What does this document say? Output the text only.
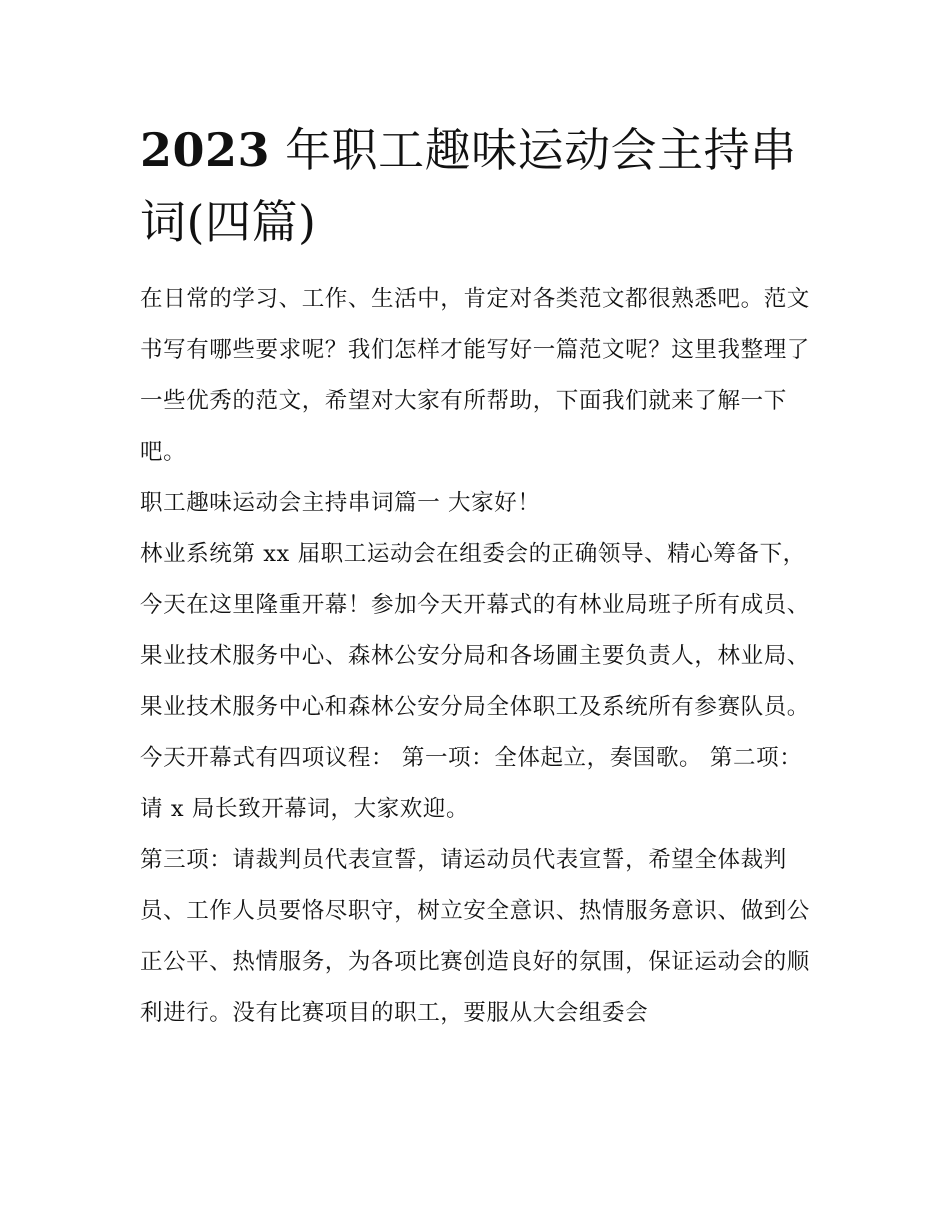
2023 年职工趣味运动会主持串词(四篇)

在日常的学习、工作、生活中，肯定对各类范文都很熟悉吧。范文书写有哪些要求呢？我们怎样才能写好一篇范文呢？这里我整理了一些优秀的范文，希望对大家有所帮助，下面我们就来了解一下吧。

职工趣味运动会主持串词篇一 大家好！

林业系统第 xx 届职工运动会在组委会的正确领导、精心筹备下，今天在这里隆重开幕！参加今天开幕式的有林业局班子所有成员、果业技术服务中心、森林公安分局和各场圃主要负责人，林业局、果业技术服务中心和森林公安分局全体职工及系统所有参赛队员。

今天开幕式有四项议程： 第一项：全体起立，奏国歌。 第二项：请 x 局长致开幕词，大家欢迎。

第三项：请裁判员代表宣誓，请运动员代表宣誓，希望全体裁判员、工作人员要恪尽职守，树立安全意识、热情服务意识、做到公正公平、热情服务，为各项比赛创造良好的氛围，保证运动会的顺利进行。没有比赛项目的职工，要服从大会组委会
